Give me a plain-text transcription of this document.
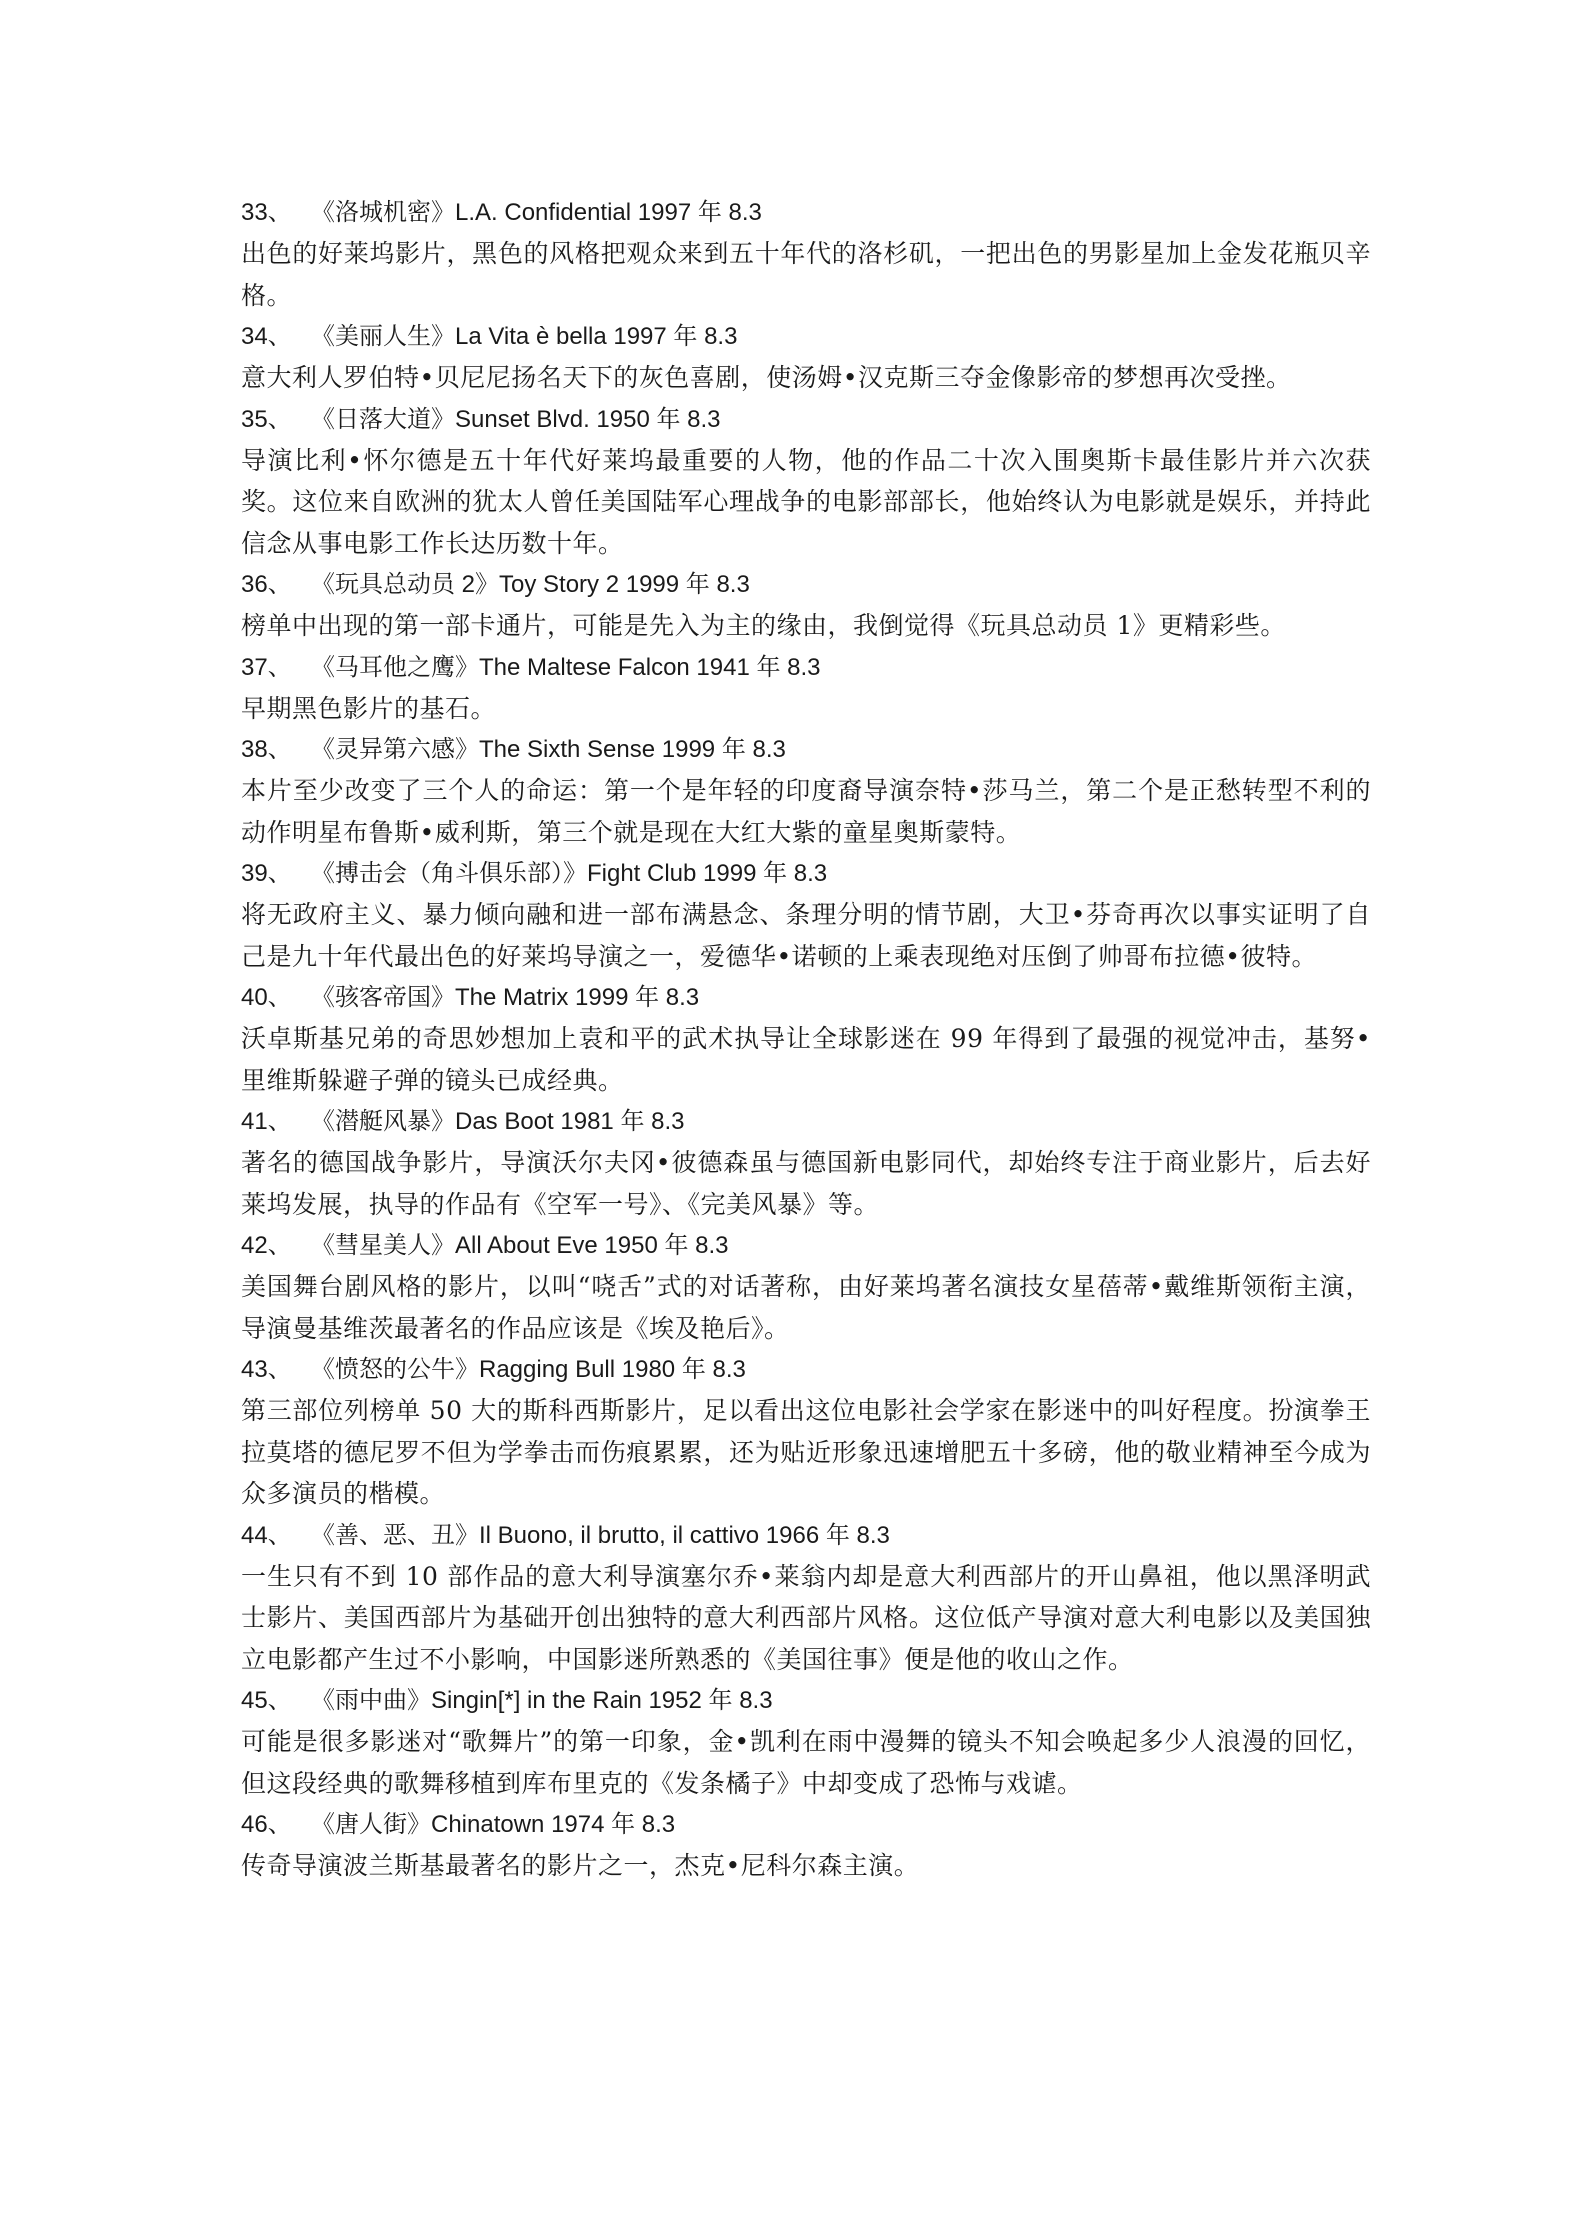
33、 《洛城机密》L.A. Confidential 1997 年 8.3
出色的好莱坞影片，黑色的风格把观众来到五十年代的洛杉矶，一把出色的男影星加上金发花瓶贝辛格。
34、 《美丽人生》La Vita è bella 1997 年 8.3
意大利人罗伯特•贝尼尼扬名天下的灰色喜剧，使汤姆•汉克斯三夺金像影帝的梦想再次受挫。
35、 《日落大道》Sunset Blvd. 1950 年 8.3
导演比利•怀尔德是五十年代好莱坞最重要的人物，他的作品二十次入围奥斯卡最佳影片并六次获奖。这位来自欧洲的犹太人曾任美国陆军心理战争的电影部部长，他始终认为电影就是娱乐，并持此信念从事电影工作长达历数十年。
36、 《玩具总动员 2》Toy Story 2 1999 年 8.3
榜单中出现的第一部卡通片，可能是先入为主的缘由，我倒觉得《玩具总动员 1》更精彩些。
37、 《马耳他之鹰》The Maltese Falcon 1941 年 8.3
早期黑色影片的基石。
38、 《灵异第六感》The Sixth Sense 1999 年 8.3
本片至少改变了三个人的命运：第一个是年轻的印度裔导演奈特•莎马兰，第二个是正愁转型不利的动作明星布鲁斯•威利斯，第三个就是现在大红大紫的童星奥斯蒙特。
39、 《搏击会（角斗俱乐部）》Fight Club 1999 年 8.3
将无政府主义、暴力倾向融和进一部布满悬念、条理分明的情节剧，大卫•芬奇再次以事实证明了自己是九十年代最出色的好莱坞导演之一，爱德华•诺顿的上乘表现绝对压倒了帅哥布拉德•彼特。
40、 《骇客帝国》The Matrix 1999 年 8.3
沃卓斯基兄弟的奇思妙想加上袁和平的武术执导让全球影迷在 99 年得到了最强的视觉冲击，基努•里维斯躲避子弹的镜头已成经典。
41、 《潜艇风暴》Das Boot 1981 年 8.3
著名的德国战争影片，导演沃尔夫冈•彼德森虽与德国新电影同代，却始终专注于商业影片，后去好莱坞发展，执导的作品有《空军一号》、《完美风暴》等。
42、 《彗星美人》All About Eve 1950 年 8.3
美国舞台剧风格的影片，以叫“哓舌”式的对话著称，由好莱坞著名演技女星蓓蒂•戴维斯领衔主演，导演曼基维茨最著名的作品应该是《埃及艳后》。
43、 《愤怒的公牛》Ragging Bull 1980 年 8.3
第三部位列榜单 50 大的斯科西斯影片，足以看出这位电影社会学家在影迷中的叫好程度。扮演拳王拉莫塔的德尼罗不但为学拳击而伤痕累累，还为贴近形象迅速增肥五十多磅，他的敬业精神至今成为众多演员的楷模。
44、 《善、恶、丑》Il Buono, il brutto, il cattivo 1966 年 8.3
一生只有不到 10 部作品的意大利导演塞尔乔•莱翁内却是意大利西部片的开山鼻祖，他以黑泽明武士影片、美国西部片为基础开创出独特的意大利西部片风格。这位低产导演对意大利电影以及美国独立电影都产生过不小影响，中国影迷所熟悉的《美国往事》便是他的收山之作。
45、 《雨中曲》Singin[*] in the Rain 1952 年 8.3
可能是很多影迷对“歌舞片”的第一印象，金•凯利在雨中漫舞的镜头不知会唤起多少人浪漫的回忆，但这段经典的歌舞移植到库布里克的《发条橘子》中却变成了恐怖与戏谑。
46、 《唐人街》Chinatown 1974 年 8.3
传奇导演波兰斯基最著名的影片之一，杰克•尼科尔森主演。
